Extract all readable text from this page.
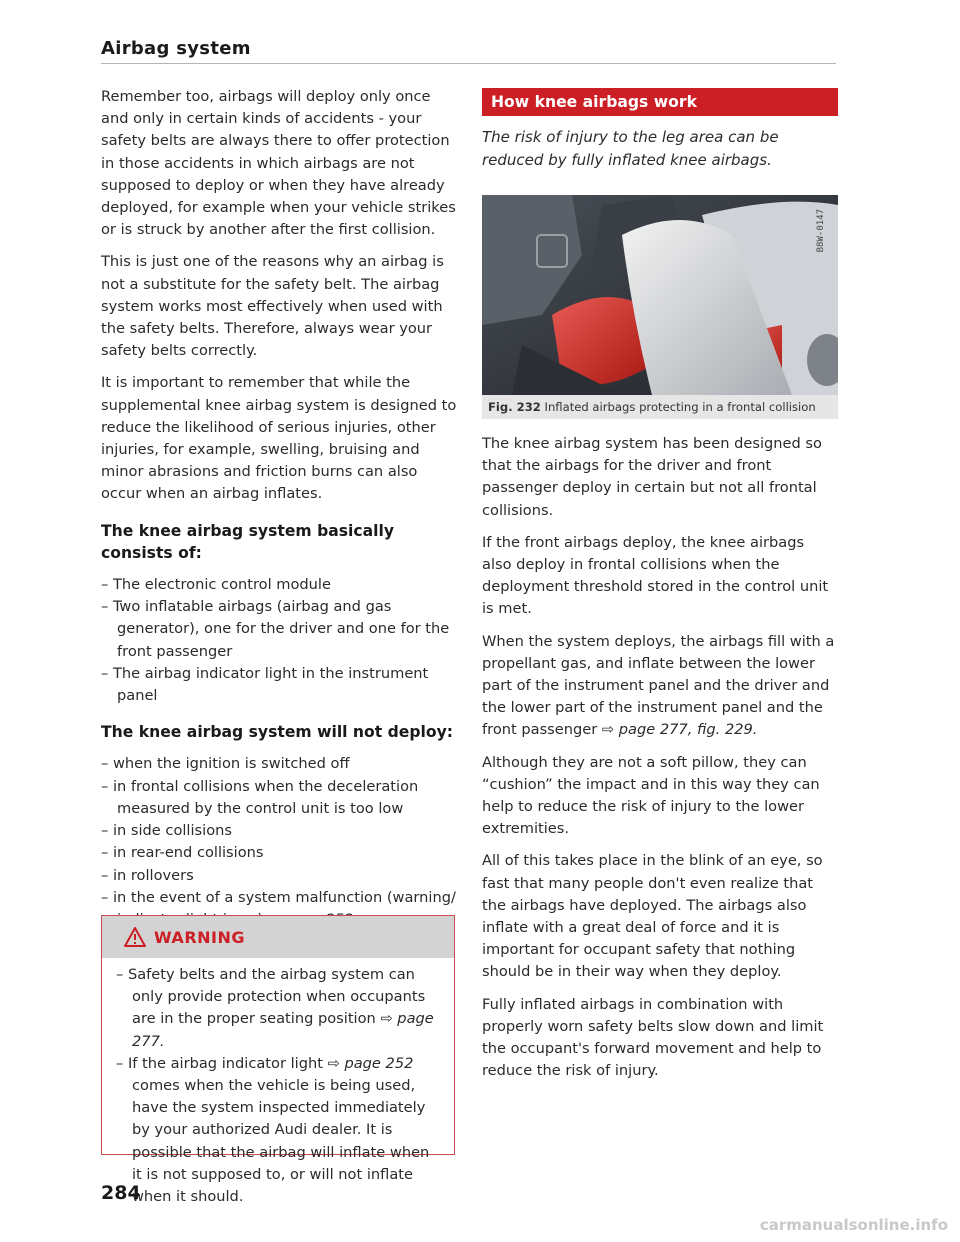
Airbag system

Remember too, airbags will deploy only once and only in certain kinds of accidents - your safety belts are always there to offer protection in those accidents in which airbags are not supposed to deploy or when they have already deployed, for example when your vehicle strikes or is struck by another after the first collision.

This is just one of the reasons why an airbag is not a substitute for the safety belt. The airbag system works most effectively when used with the safety belts. Therefore, always wear your safety belts correctly.

It is important to remember that while the supplemental knee airbag system is designed to reduce the likelihood of serious injuries, other injuries, for example, swelling, bruising and minor abrasions and friction burns can also occur when an airbag inflates.

The knee airbag system basically consists of:
– The electronic control module
– Two inflatable airbags (airbag and gas generator), one for the driver and one for the front passenger
– The airbag indicator light in the instrument panel
The knee airbag system will not deploy:
– when the ignition is switched off
– in frontal collisions when the deceleration measured by the control unit is too low
– in side collisions
– in rear-end collisions
– in rollovers
– in the event of a system malfunction (warning/
WARNING
– Safety belts and the airbag system can only provide protection when occupants are in the proper seating position ⇨ page 277.
– If the airbag indicator light ⇨ page 252 comes when the vehicle is being used, have the system inspected immediately by your authorized Audi dealer. It is possible that the airbag will inflate when it is not supposed to, or will not inflate when it should.
284
How knee airbags work

The risk of injury to the leg area can be reduced by fully inflated knee airbags.

B8W-0147
Fig. 232 Inflated airbags protecting in a frontal collision

The knee airbag system has been designed so that the airbags for the driver and front passenger deploy in certain but not all frontal collisions.

If the front airbags deploy, the knee airbags also deploy in frontal collisions when the deployment threshold stored in the control unit is met.

When the system deploys, the airbags fill with a propellant gas, and inflate between the lower part of the instrument panel and the driver and the lower part of the instrument panel and the front passenger ⇨ page 277, fig. 229.

Although they are not a soft pillow, they can “cushion” the impact and in this way they can help to reduce the risk of injury to the lower extremities.

All of this takes place in the blink of an eye, so fast that many people don't even realize that the airbags have deployed. The airbags also inflate with a great deal of force and it is important for occupant safety that nothing should be in their way when they deploy.

Fully inflated airbags in combination with properly worn safety belts slow down and limit the occupant's forward movement and help to reduce the risk of injury.

carmanualsonline.info
